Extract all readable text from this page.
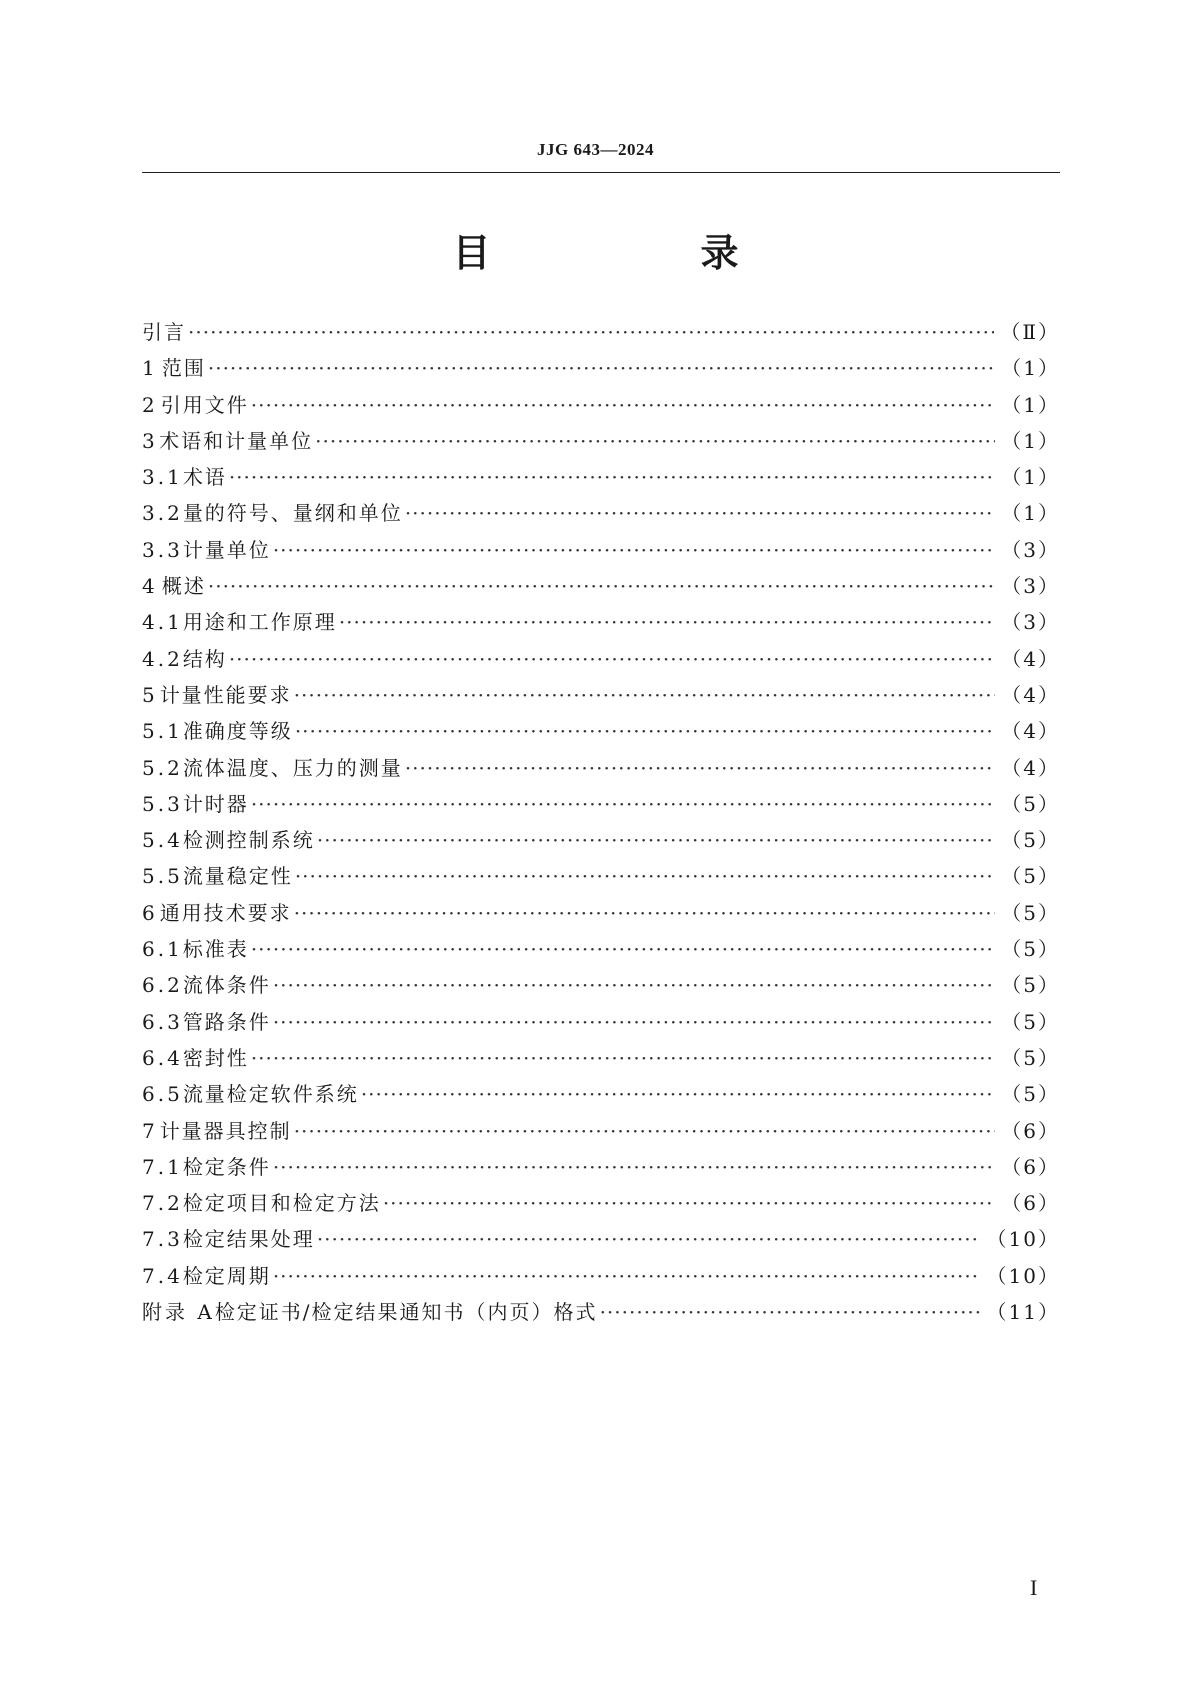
JJG 643—2024
目　录
引言 ·····	（Ⅱ）
1 范围 ·····	（1）
2 引用文件 ·····	（1）
3 术语和计量单位 ·····	（1）
3.1 术语 ·····	（1）
3.2 量的符号、量纲和单位 ·····	（1）
3.3 计量单位 ·····	（3）
4 概述 ·····	（3）
4.1 用途和工作原理 ·····	（3）
4.2 结构 ·····	（4）
5 计量性能要求 ·····	（4）
5.1 准确度等级 ·····	（4）
5.2 流体温度、压力的测量 ·····	（4）
5.3 计时器 ·····	（5）
5.4 检测控制系统 ·····	（5）
5.5 流量稳定性 ·····	（5）
6 通用技术要求 ·····	（5）
6.1 标准表 ·····	（5）
6.2 流体条件 ·····	（5）
6.3 管路条件 ·····	（5）
6.4 密封性 ·····	（5）
6.5 流量检定软件系统 ·····	（5）
7 计量器具控制 ·····	（6）
7.1 检定条件 ·····	（6）
7.2 检定项目和检定方法 ·····	（6）
7.3 检定结果处理 ·····	（10）
7.4 检定周期 ·····	（10）
附录 A 检定证书/检定结果通知书（内页）格式 ·····	（11）
I
